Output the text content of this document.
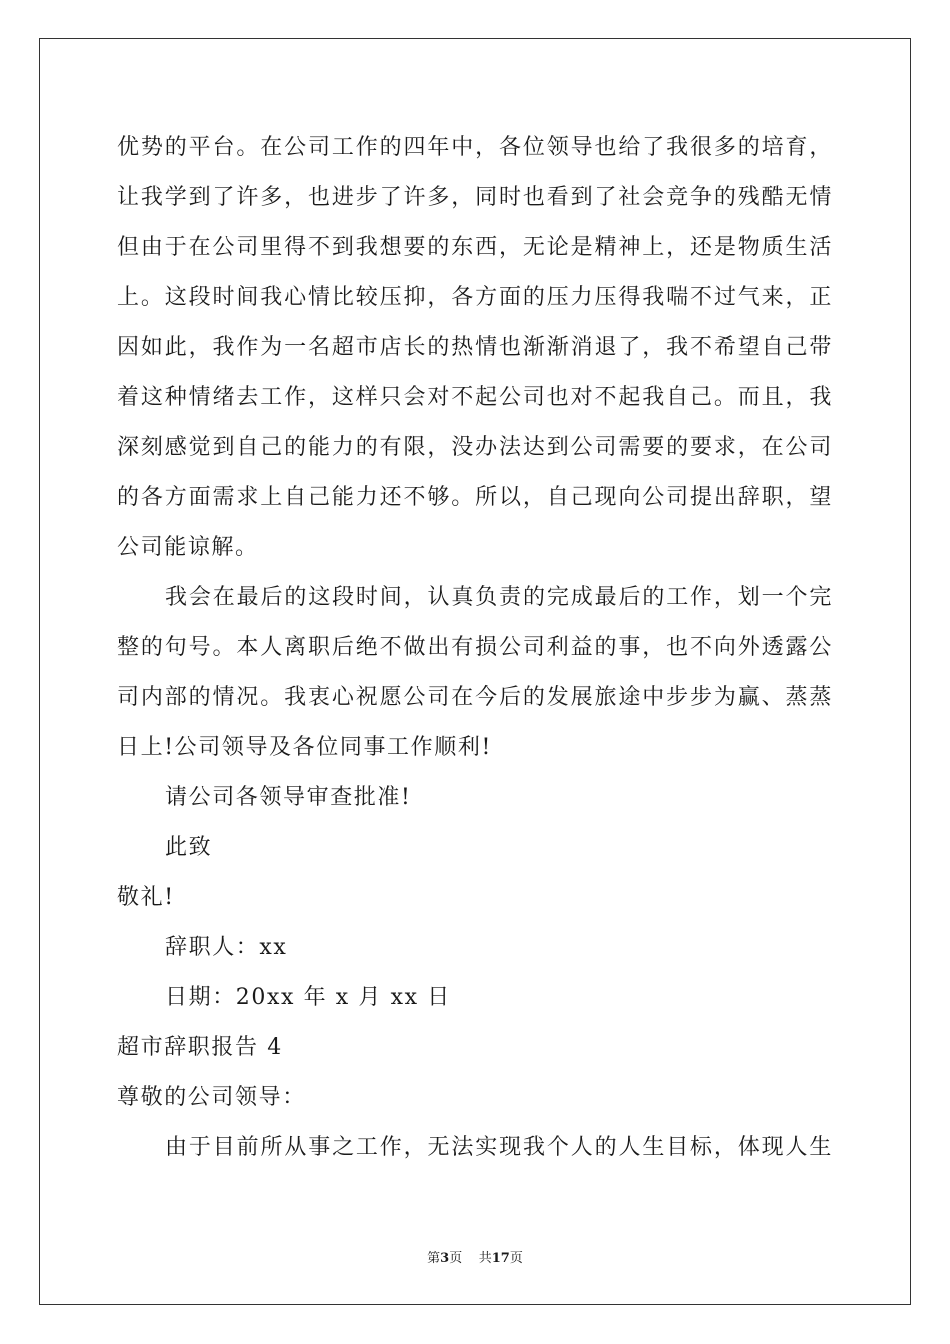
优势的平台。在公司工作的四年中，各位领导也给了我很多的培育，
让我学到了许多，也进步了许多，同时也看到了社会竞争的残酷无情
但由于在公司里得不到我想要的东西，无论是精神上，还是物质生活
上。这段时间我心情比较压抑，各方面的压力压得我喘不过气来，正
因如此，我作为一名超市店长的热情也渐渐消退了，我不希望自己带
着这种情绪去工作，这样只会对不起公司也对不起我自己。而且，我
深刻感觉到自己的能力的有限，没办法达到公司需要的要求，在公司
的各方面需求上自己能力还不够。所以，自己现向公司提出辞职，望
公司能谅解。
我会在最后的这段时间，认真负责的完成最后的工作，划一个完
整的句号。本人离职后绝不做出有损公司利益的事，也不向外透露公
司内部的情况。我衷心祝愿公司在今后的发展旅途中步步为赢、蒸蒸
日上!公司领导及各位同事工作顺利!
请公司各领导审查批准!
此致
敬礼!
辞职人：xx
日期：20xx 年 x 月 xx 日
超市辞职报告 4
尊敬的公司领导：
由于目前所从事之工作，无法实现我个人的人生目标，体现人生
第3页 共17页
